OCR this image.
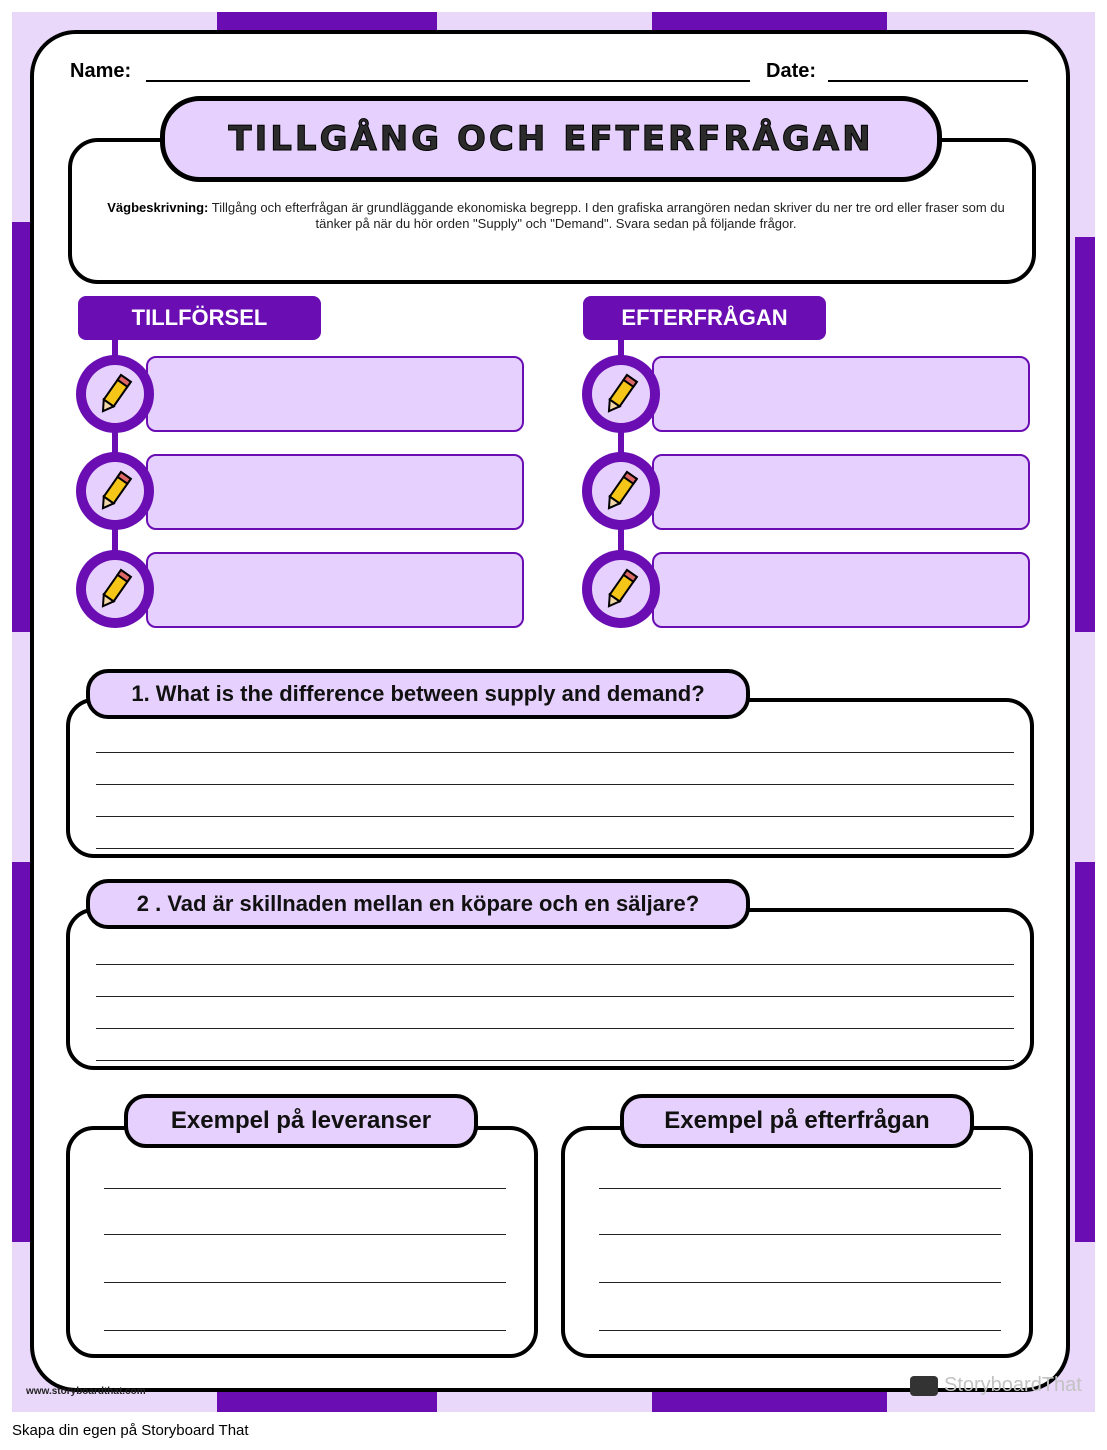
Name:	Date:
Vägbeskrivning: Tillgång och efterfrågan är grundläggande ekonomiska begrepp. I den grafiska arrangören nedan skriver du ner tre ord eller fraser som du tänker på när du hör orden "Supply" och "Demand". Svara sedan på följande frågor.
TILLGÅNG OCH EFTERFRÅGAN
TILLFÖRSEL	EFTERFRÅGAN
1. What is the difference between supply and demand?
2 . Vad är skillnaden mellan en köpare och en säljare?
Exempel på leveranser	Exempel på efterfrågan
www.storyboardthat.com	StoryboardThat
Skapa din egen på Storyboard That
